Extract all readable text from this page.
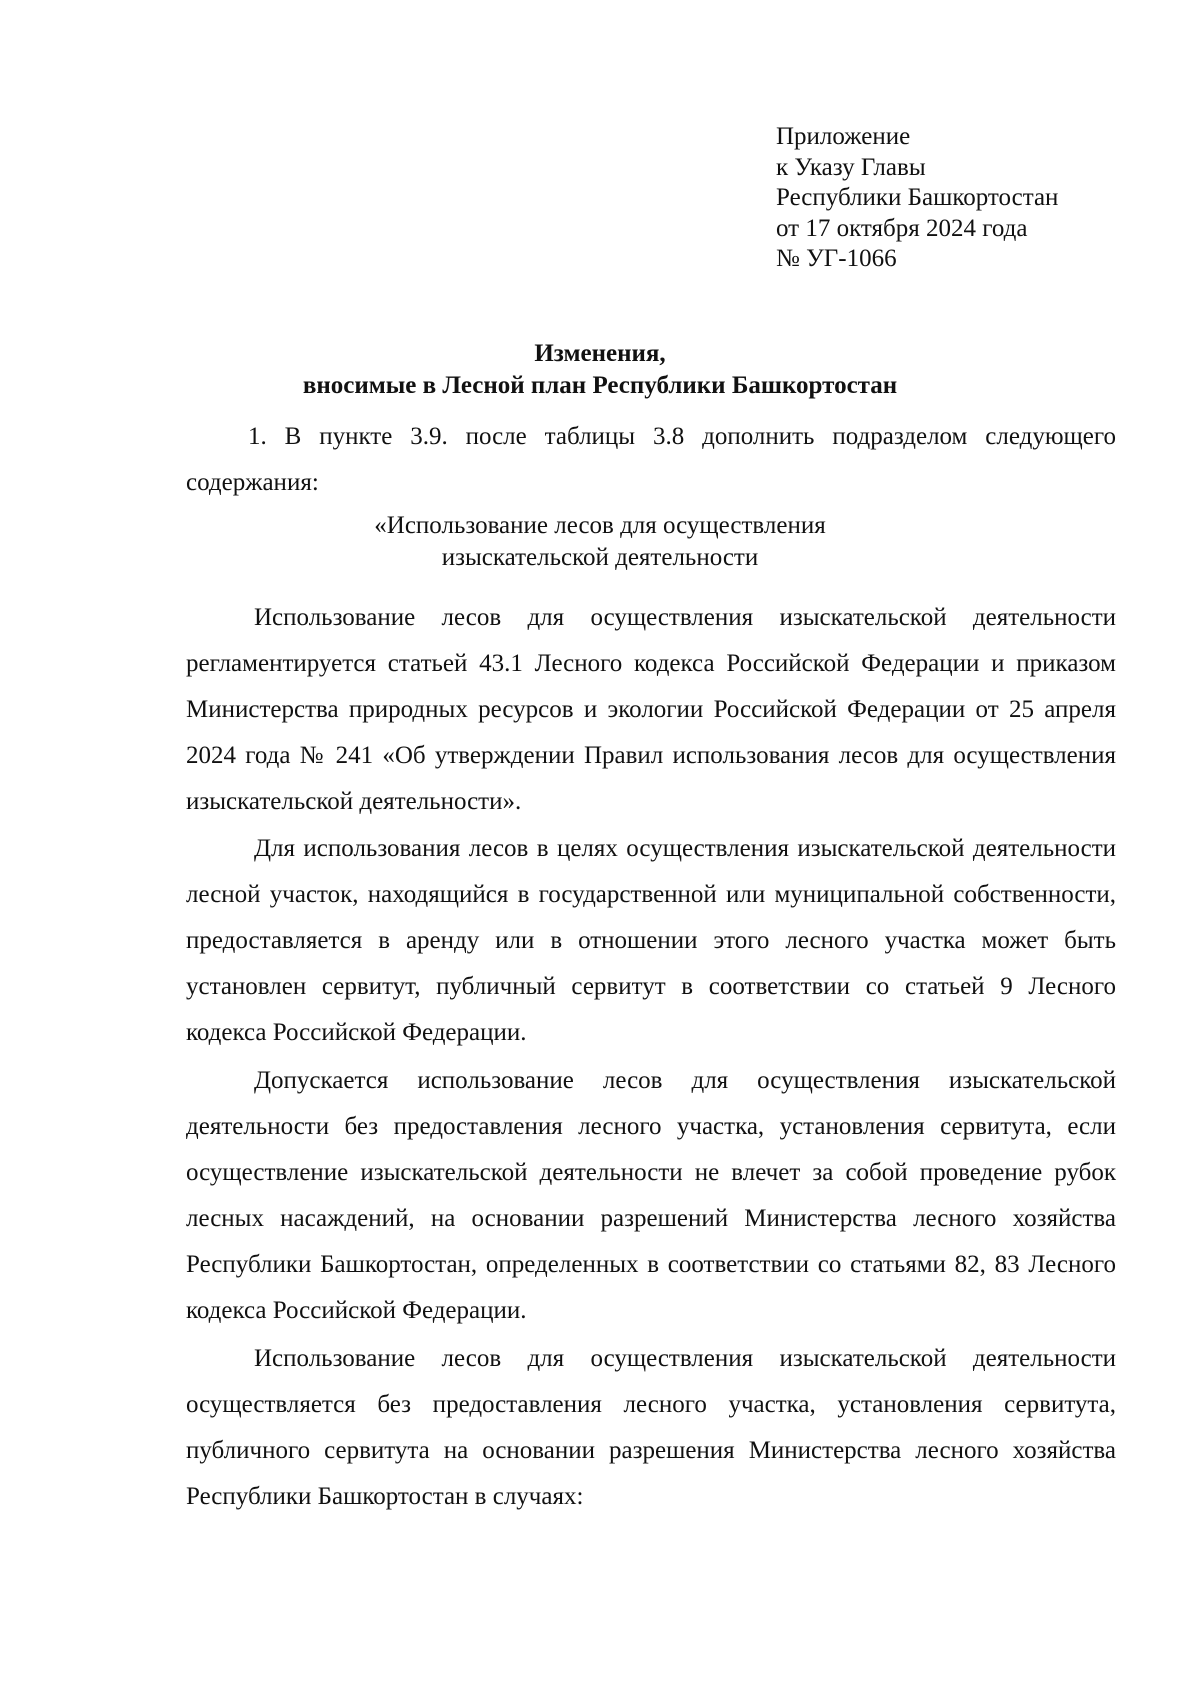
Приложение
к Указу Главы
Республики Башкортостан
от 17 октября 2024 года
№ УГ-1066
Изменения,
вносимые в Лесной план Республики Башкортостан
1. В пункте 3.9. после таблицы 3.8 дополнить подразделом следующего содержания:
«Использование лесов для осуществления
изыскательской деятельности
Использование лесов для осуществления изыскательской деятельности регламентируется статьей 43.1 Лесного кодекса Российской Федерации и приказом Министерства природных ресурсов и экологии Российской Федерации от 25 апреля 2024 года № 241 «Об утверждении Правил использования лесов для осуществления изыскательской деятельности».
Для использования лесов в целях осуществления изыскательской деятельности лесной участок, находящийся в государственной или муниципальной собственности, предоставляется в аренду или в отношении этого лесного участка может быть установлен сервитут, публичный сервитут в соответствии со статьей 9 Лесного кодекса Российской Федерации.
Допускается использование лесов для осуществления изыскательской деятельности без предоставления лесного участка, установления сервитута, если осуществление изыскательской деятельности не влечет за собой проведение рубок лесных насаждений, на основании разрешений Министерства лесного хозяйства Республики Башкортостан, определенных в соответствии со статьями 82, 83 Лесного кодекса Российской Федерации.
Использование лесов для осуществления изыскательской деятельности осуществляется без предоставления лесного участка, установления сервитута, публичного сервитута на основании разрешения Министерства лесного хозяйства Республики Башкортостан в случаях:
